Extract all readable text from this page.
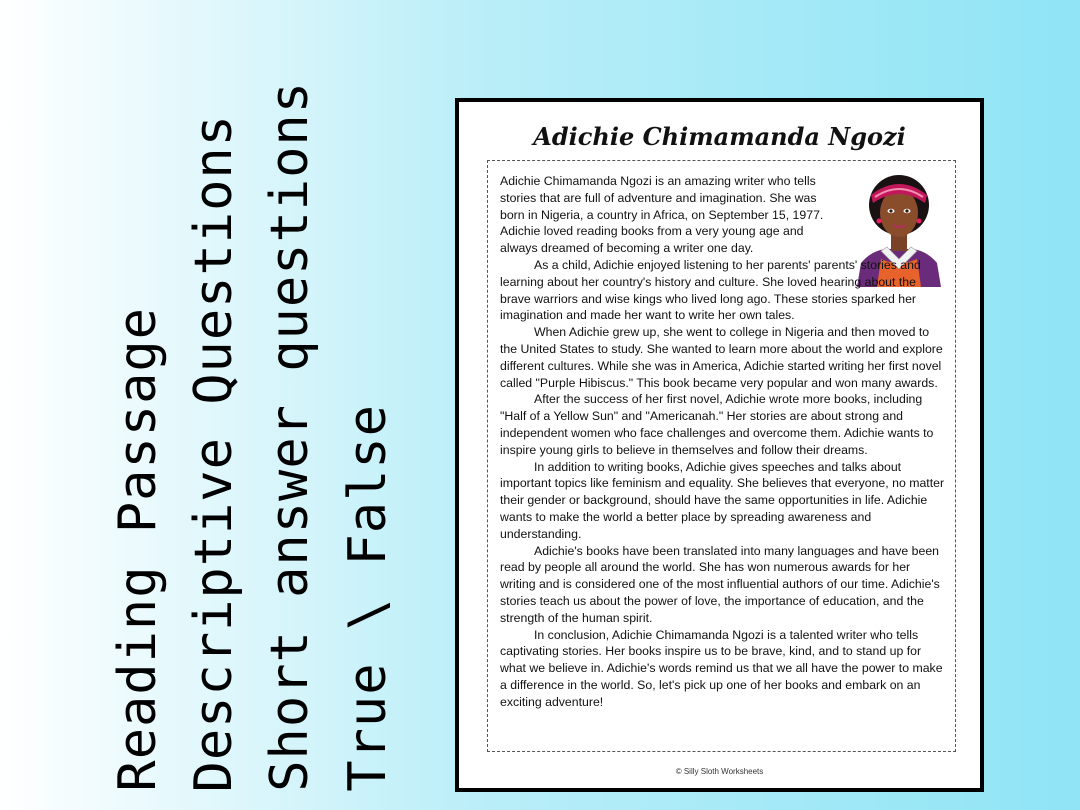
Reading Passage Descriptive Questions Short answer questions True \ False
Adichie Chimamanda Ngozi

Adichie Chimamanda Ngozi is an amazing writer who tells stories that are full of adventure and imagination. She was born in Nigeria, a country in Africa, on September 15, 1977. Adichie loved reading books from a very young age and always dreamed of becoming a writer one day.

As a child, Adichie enjoyed listening to her parents' parents' stories and learning about her country's history and culture. She loved hearing about the brave warriors and wise kings who lived long ago. These stories sparked her imagination and made her want to write her own tales.

When Adichie grew up, she went to college in Nigeria and then moved to the United States to study. She wanted to learn more about the world and explore different cultures. While she was in America, Adichie started writing her first novel called "Purple Hibiscus." This book became very popular and won many awards.

After the success of her first novel, Adichie wrote more books, including "Half of a Yellow Sun" and "Americanah." Her stories are about strong and independent women who face challenges and overcome them. Adichie wants to inspire young girls to believe in themselves and follow their dreams.

In addition to writing books, Adichie gives speeches and talks about important topics like feminism and equality. She believes that everyone, no matter their gender or background, should have the same opportunities in life. Adichie wants to make the world a better place by spreading awareness and understanding.

Adichie's books have been translated into many languages and have been read by people all around the world. She has won numerous awards for her writing and is considered one of the most influential authors of our time. Adichie's stories teach us about the power of love, the importance of education, and the strength of the human spirit.

In conclusion, Adichie Chimamanda Ngozi is a talented writer who tells captivating stories. Her books inspire us to be brave, kind, and to stand up for what we believe in. Adichie's words remind us that we all have the power to make a difference in the world. So, let's pick up one of her books and embark on an exciting adventure!

© Silly Sloth Worksheets
